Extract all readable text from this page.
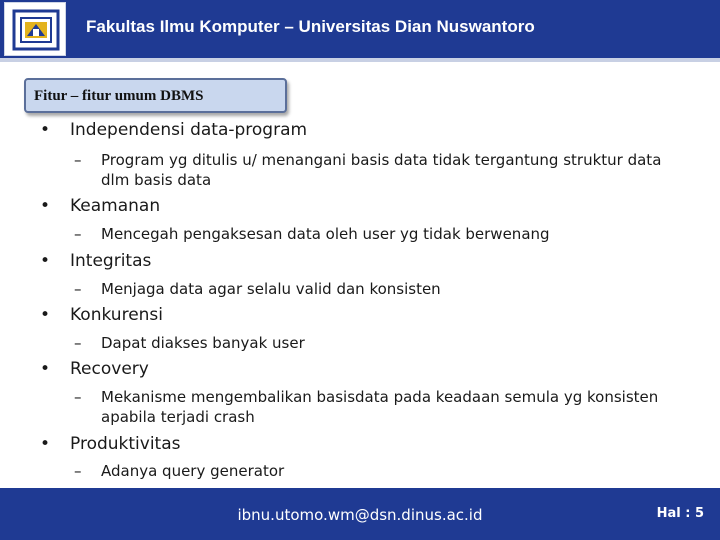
Fakultas Ilmu Komputer – Universitas Dian Nuswantoro
Fitur – fitur umum DBMS
• Independensi data-program
– Program yg ditulis u/ menangani basis data tidak tergantung struktur data dlm basis data
• Keamanan
– Mencegah pengaksesan data oleh user yg tidak berwenang
• Integritas
– Menjaga data agar selalu valid dan konsisten
• Konkurensi
– Dapat diakses banyak user
• Recovery
– Mekanisme mengembalikan basisdata pada keadaan semula yg konsisten apabila terjadi crash
• Produktivitas
– Adanya query generator
ibnu.utomo.wm@dsn.dinus.ac.id	Hal : 5
